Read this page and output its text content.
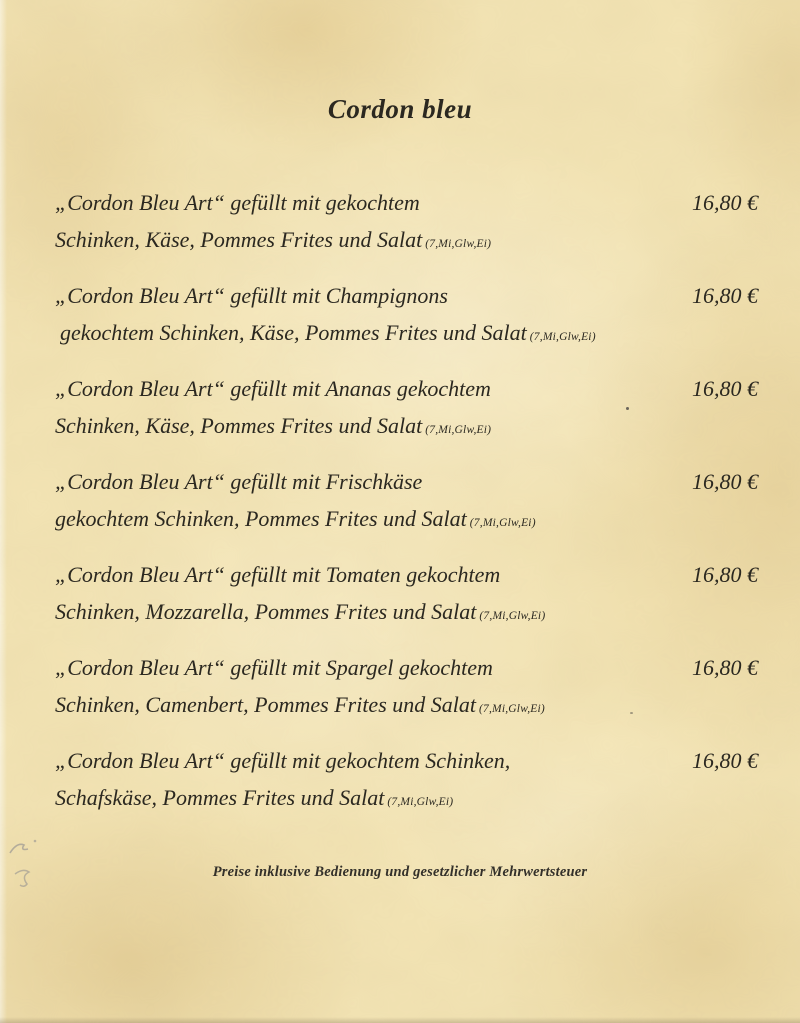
Cordon bleu
„Cordon Bleu Art“ gefüllt mit gekochtem
Schinken, Käse, Pommes Frites und Salat (7,Mi,Glw,Ei)
16,80 €
„Cordon Bleu Art“ gefüllt mit Champignons
gekochtem Schinken, Käse, Pommes Frites und Salat (7,Mi,Glw,Ei)
16,80 €
„Cordon Bleu Art“ gefüllt mit Ananas gekochtem
Schinken, Käse, Pommes Frites und Salat (7,Mi,Glw,Ei)
16,80 €
„Cordon Bleu Art“ gefüllt mit Frischkäse
gekochtem Schinken, Pommes Frites und Salat (7,Mi,Glw,Ei)
16,80 €
„Cordon Bleu Art“ gefüllt mit Tomaten gekochtem
Schinken, Mozzarella, Pommes Frites und Salat (7,Mi,Glw,Ei)
16,80 €
„Cordon Bleu Art“ gefüllt mit Spargel gekochtem
Schinken, Camenbert, Pommes Frites und Salat (7,Mi,Glw,Ei)
16,80 €
„Cordon Bleu Art“ gefüllt mit gekochtem Schinken,
Schafskäse, Pommes Frites und Salat (7,Mi,Glw,Ei)
16,80 €
Preise inklusive Bedienung und gesetzlicher Mehrwertsteuer
